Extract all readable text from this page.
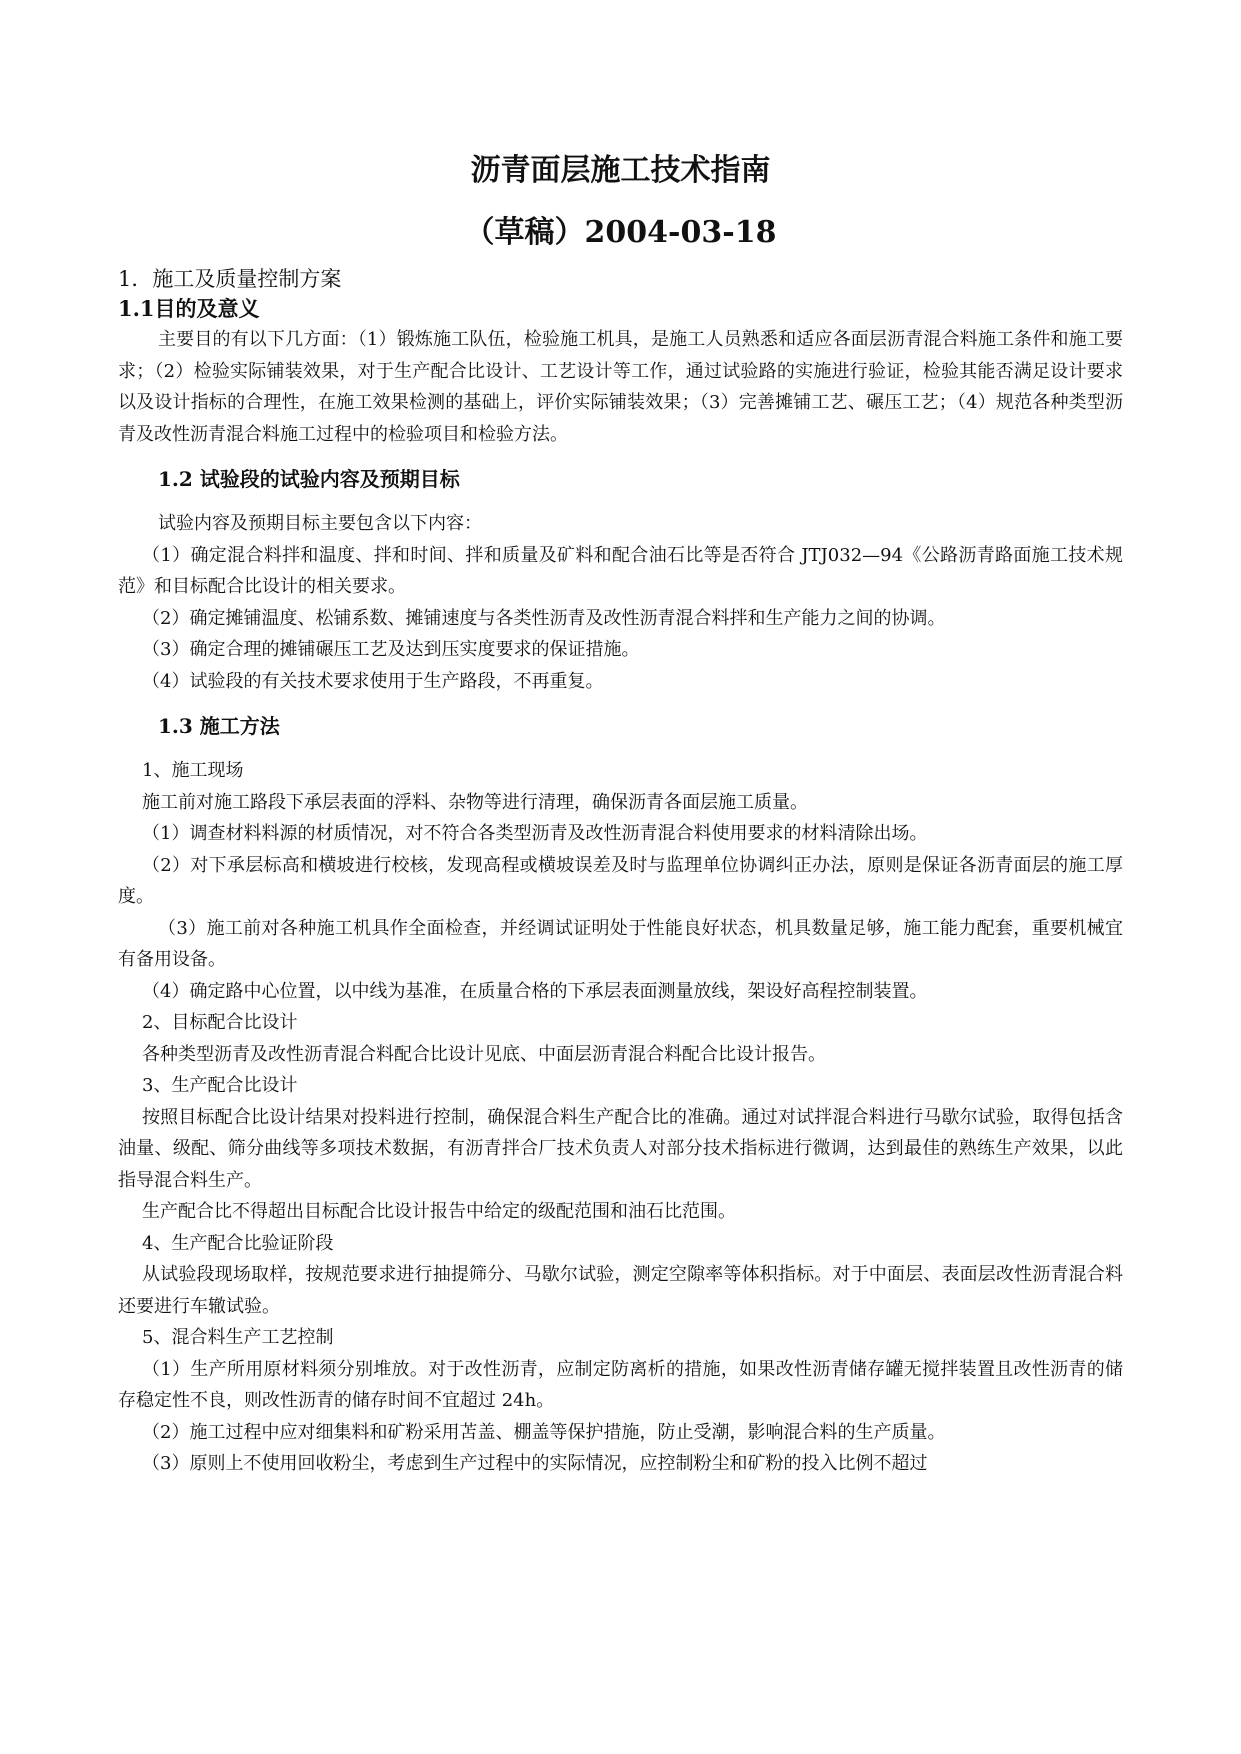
沥青面层施工技术指南
（草稿）2004-03-18
1．施工及质量控制方案
1.1目的及意义

主要目的有以下几方面：（1）锻炼施工队伍，检验施工机具，是施工人员熟悉和适应各面层沥青混合料施工条件和施工要求；（2）检验实际铺装效果，对于生产配合比设计、工艺设计等工作，通过试验路的实施进行验证，检验其能否满足设计要求以及设计指标的合理性，在施工效果检测的基础上，评价实际铺装效果；（3）完善摊铺工艺、碾压工艺；（4）规范各种类型沥青及改性沥青混合料施工过程中的检验项目和检验方法。

1.2 试验段的试验内容及预期目标

试验内容及预期目标主要包含以下内容：

（1）确定混合料拌和温度、拌和时间、拌和质量及矿料和配合油石比等是否符合 JTJ032—94《公路沥青路面施工技术规范》和目标配合比设计的相关要求。

（2）确定摊铺温度、松铺系数、摊铺速度与各类性沥青及改性沥青混合料拌和生产能力之间的协调。

（3）确定合理的摊铺碾压工艺及达到压实度要求的保证措施。

（4）试验段的有关技术要求使用于生产路段，不再重复。

1.3 施工方法

1、施工现场

施工前对施工路段下承层表面的浮料、杂物等进行清理，确保沥青各面层施工质量。

（1）调查材料料源的材质情况，对不符合各类型沥青及改性沥青混合料使用要求的材料清除出场。

（2）对下承层标高和横坡进行校核，发现高程或横坡误差及时与监理单位协调纠正办法，原则是保证各沥青面层的施工厚度。

（3）施工前对各种施工机具作全面检查，并经调试证明处于性能良好状态，机具数量足够，施工能力配套，重要机械宜有备用设备。

（4）确定路中心位置，以中线为基准，在质量合格的下承层表面测量放线，架设好高程控制装置。

2、目标配合比设计

各种类型沥青及改性沥青混合料配合比设计见底、中面层沥青混合料配合比设计报告。

3、生产配合比设计

按照目标配合比设计结果对投料进行控制，确保混合料生产配合比的准确。通过对试拌混合料进行马歇尔试验，取得包括含油量、级配、筛分曲线等多项技术数据，有沥青拌合厂技术负责人对部分技术指标进行微调，达到最佳的熟练生产效果，以此指导混合料生产。

生产配合比不得超出目标配合比设计报告中给定的级配范围和油石比范围。

4、生产配合比验证阶段

从试验段现场取样，按规范要求进行抽提筛分、马歇尔试验，测定空隙率等体积指标。对于中面层、表面层改性沥青混合料还要进行车辙试验。

5、混合料生产工艺控制

（1）生产所用原材料须分别堆放。对于改性沥青，应制定防离析的措施，如果改性沥青储存罐无搅拌装置且改性沥青的储存稳定性不良，则改性沥青的储存时间不宜超过 24h。

（2）施工过程中应对细集料和矿粉采用苫盖、棚盖等保护措施，防止受潮，影响混合料的生产质量。

（3）原则上不使用回收粉尘，考虑到生产过程中的实际情况，应控制粉尘和矿粉的投入比例不超过
